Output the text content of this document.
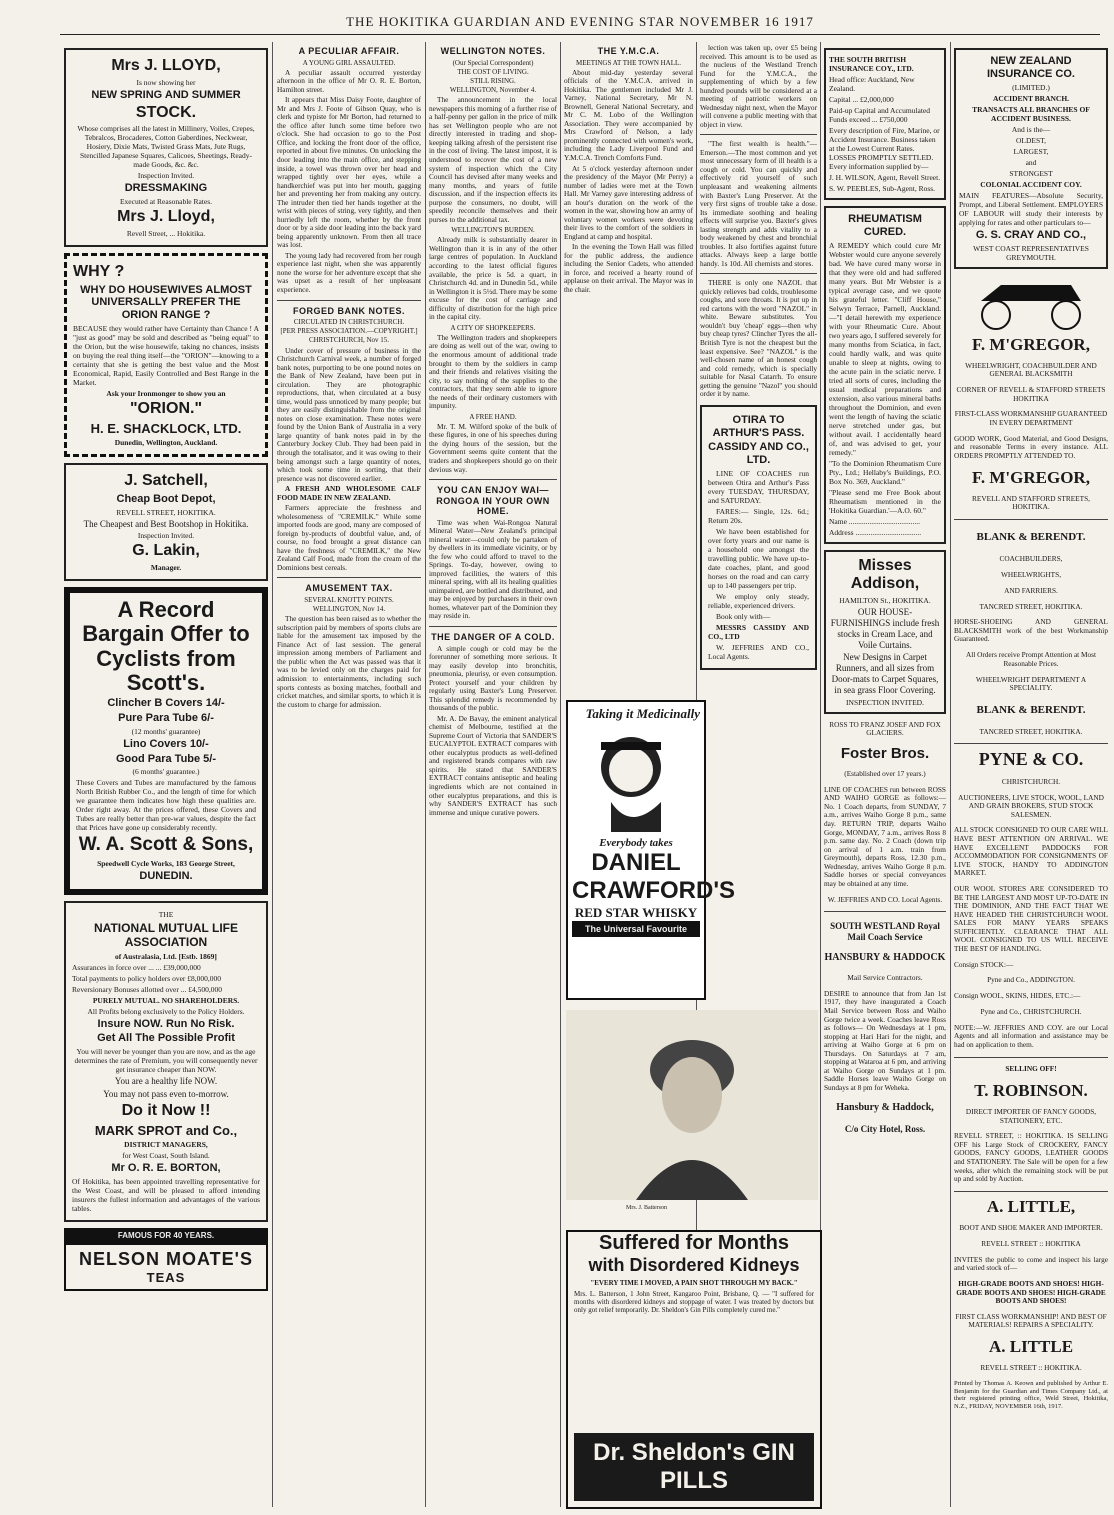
THE HOKITIKA GUARDIAN AND EVENING STAR NOVEMBER 16 1917
Mrs J. LLOYD,

Is now showing her

NEW SPRING AND SUMMER
STOCK.

Whose comprises all the latest in Millinery, Voiles, Crepes, Tebralcos, Brocaderes, Cotton Gaberdines, Neckwear, Hosiery, Dixie Mats, Twisted Grass Mats, Jute Rugs, Stencilled Japanese Squares, Calicoes, Sheetings, Ready-made Goods, &c. &c.

Inspection Invited.

DRESSMAKING

Executed at Reasonable Rates.

Mrs J. Lloyd,

Revell Street, ... Hokitika.

WHY ?
WHY DO HOUSEWIVES ALMOST UNIVERSALLY PREFER THE ORION RANGE ?

BECAUSE they would rather have Certainty than Chance ! A "just as good" may be sold and described as "being equal" to the Orion, but the wise housewife, taking no chances, insists on buying the real thing itself—the "ORION"—knowing to a certainty that she is getting the best value and the Most Economical, Rapid, Easily Controlled and Best Range in the Market.

Ask your Ironmonger to show you an

"ORION."
H. E. SHACKLOCK, LTD.

Dunedin, Wellington, Auckland.

J. Satchell,
Cheap Boot Depot,

REVELL STREET, HOKITIKA.

The Cheapest and Best Bootshop in Hokitika.

Inspection Invited.

G. Lakin,

Manager.

A Record Bargain Offer to Cyclists from Scott's.
Clincher B Covers 14/-
Pure Para Tube 6/-

(12 months' guarantee)

Lino Covers 10/-
Good Para Tube 5/-

(6 months' guarantee.)

These Covers and Tubes are manufactured by the famous North British Rubber Co., and the length of time for which we guarantee them indicates how high these qualities are. Order right away. At the prices offered, these Covers and Tubes are really better than pre-war values, despite the fact that Prices have gone up considerably recently.

W. A. Scott & Sons,

Speedwell Cycle Works, 183 George Street,

DUNEDIN.

THE

NATIONAL MUTUAL LIFE ASSOCIATION

of Australasia, Ltd. [Estb. 1869]

Assurances in force over ... ... £39,000,000

Total payments to policy holders over £8,000,000

Reversionary Bonuses allotted over ... £4,500,000

PURELY MUTUAL. NO SHAREHOLDERS.

All Profits belong exclusively to the Policy Holders.

Insure NOW. Run No Risk.
Get All The Possible Profit

You will never be younger than you are now, and as the age determines the rate of Premium, you will consequently never get insurance cheaper than NOW.

You are a healthy life NOW.

You may not pass even to-morrow.

Do it Now !!
MARK SPROT and Co.,

DISTRICT MANAGERS,

for West Coast, South Island.

Mr O. R. E. BORTON,

Of Hokitika, has been appointed travelling representative for the West Coast, and will be pleased to afford intending insurers the fullest information and advantages of the various tables.

FAMOUS FOR 40 YEARS.
NELSON MOATE'S
TEAS
A PECULIAR AFFAIR.
A YOUNG GIRL ASSAULTED.

A peculiar assault occurred yesterday afternoon in the office of Mr O. R. E. Borton, Hamilton street.

It appears that Miss Daisy Foote, daughter of Mr and Mrs J. Foote of Gibson Quay, who is clerk and typiste for Mr Borton, had returned to the office after lunch some time before two o'clock. She had occasion to go to the Post Office, and locking the front door of the office, reported in about five minutes. On unlocking the door leading into the main office, and stepping inside, a towel was thrown over her head and wrapped tightly over her eyes, while a handkerchief was put into her mouth, gagging her and preventing her from making any outcry. The intruder then tied her hands together at the wrist with pieces of string, very tightly, and then hurriedly left the room, whether by the front door or by a side door leading into the back yard being apparently unknown. From then all trace was lost.

The young lady had recovered from her rough experience last night, when she was apparently none the worse for her adventure except that she was upset as a result of her unpleasant experience.

FORGED BANK NOTES.
CIRCULATED IN CHRISTCHURCH.
[PER PRESS ASSOCIATION.—COPYRIGHT.]
CHRISTCHURCH, Nov 15.

Under cover of pressure of business in the Christchurch Carnival week, a number of forged bank notes, purporting to be one pound notes on the Bank of New Zealand, have been put in circulation. They are photographic reproductions, that, when circulated at a busy time, would pass unnoticed by many people; but they are easily distinguishable from the original notes on close examination. These notes were found by the Union Bank of Australia in a very large quantity of bank notes paid in by the Canterbury Jockey Club. They had been paid in through the totalisator, and it was owing to their being amongst such a large quantity of notes, which took some time in sorting, that their presence was not discovered earlier.

A FRESH AND WHOLESOME CALF FOOD MADE IN NEW ZEALAND.

Farmers appreciate the freshness and wholesomeness of "CREMILK." While some imported foods are good, many are composed of foreign by-products of doubtful value, and, of course, no food brought a great distance can have the freshness of "CREMILK," the New Zealand Calf Food, made from the cream of the Dominions best cereals.

AMUSEMENT TAX.
SEVERAL KNOTTY POINTS.
WELLINGTON, Nov 14.

The question has been raised as to whether the subscription paid by members of sports clubs are liable for the amusement tax imposed by the Finance Act of last session. The general impression among members of Parliament and the public when the Act was passed was that it was to be levied only on the charges paid for admission to entertainments, including such sports contests as boxing matches, football and cricket matches, and similar sports, to which it is the custom to charge for admission.

WELLINGTON NOTES.
(Our Special Correspondent)
THE COST OF LIVING.
STILL RISING.
WELLINGTON, November 4.

The announcement in the local newspapers this morning of a further rise of a half-penny per gallon in the price of milk has set Wellington people who are not directly interested in trading and shop-keeping talking afresh of the persistent rise in the cost of living. The latest impost, it is understood to recover the cost of a new system of inspection which the City Council has devised after many weeks and many months, and years of futile discussion, and if the inspection effects its purpose the consumers, no doubt, will speedily reconcile themselves and their purses to the additional tax.

WELLINGTON'S BURDEN.

Already milk is substantially dearer in Wellington than it is in any of the other large centres of population. In Auckland according to the latest official figures available, the price is 5d. a quart, in Christchurch 4d. and in Dunedin 5d., while in Wellington it is 5½d. There may be some excuse for the cost of carriage and difficulty of distribution for the high price in the capital city.

A CITY OF SHOPKEEPERS.

The Wellington traders and shopkeepers are doing as well out of the war, owing to the enormous amount of additional trade brought to them by the soldiers in camp and their friends and relatives visiting the city, to say nothing of the supplies to the contractors, that they seem able to ignore the needs of their ordinary customers with impunity.

A FREE HAND.

Mr. T. M. Wilford spoke of the bulk of these figures, in one of his speeches during the dying hours of the session, but the Government seems quite content that the traders and shopkeepers should go on their devious way.

YOU CAN ENJOY WAI—RONGOA IN YOUR OWN HOME.

Time was when Wai-Rongoa Natural Mineral Water—New Zealand's principal mineral water—could only be partaken of by dwellers in its immediate vicinity, or by the few who could afford to travel to the Springs. To-day, however, owing to improved facilities, the waters of this mineral spring, with all its healing qualities unimpaired, are bottled and distributed, and may be enjoyed by purchasers in their own homes, whatever part of the Dominion they may reside in.

THE DANGER OF A COLD.

A simple cough or cold may be the forerunner of something more serious. It may easily develop into bronchitis, pneumonia, pleurisy, or even consumption. Protect yourself and your children by regularly using Baxter's Lung Preserver. This splendid remedy is recommended by thousands of the public.

Mr. A. De Bavay, the eminent analytical chemist of Melbourne, testified at the Supreme Court of Victoria that SANDER'S EUCALYPTOL EXTRACT compares with other eucalyptus products as well-defined and registered brands compares with raw spirits. He stated that SANDER'S EXTRACT contains antiseptic and healing ingredients which are not contained in other eucalyptus preparations, and this is why SANDER'S EXTRACT has such immense and unique curative powers.

THE Y.M.C.A.
MEETINGS AT THE TOWN HALL.

About mid-day yesterday several officials of the Y.M.C.A. arrived in Hokitika. The gentlemen included Mr J. Varney, National Secretary, Mr N. Brownell, General National Secretary, and Mr C. M. Lobo of the Wellington Association. They were accompanied by Mrs Crawford of Nelson, a lady prominently connected with women's work, including the Lady Liverpool Fund and Y.M.C.A. Trench Comforts Fund.

At 5 o'clock yesterday afternoon under the presidency of the Mayor (Mr Perry) a number of ladies were met at the Town Hall. Mr Varney gave interesting address of an hour's duration on the work of the women in the war, showing how an army of voluntary women workers were devoting their lives to the comfort of the soldiers in England at camp and hospital.

In the evening the Town Hall was filled for the public address, the audience including the Senior Cadets, who attended in force, and received a hearty round of applause on their arrival. The Mayor was in the chair.

lection was taken up, over £5 being received. This amount is to be used as the nucleus of the Westland Trench Fund for the Y.M.C.A., the supplementing of which by a few hundred pounds will be considered at a meeting of patriotic workers on Wednesday night next, when the Mayor will convene a public meeting with that object in view.

"The first wealth is health."—Emerson.—The most common and yet most unnecessary form of ill health is a cough or cold. You can quickly and effectively rid yourself of such unpleasant and weakening ailments with Baxter's Lung Preserver. At the very first signs of trouble take a dose. Its immediate soothing and healing effects will surprise you. Baxter's gives lasting strength and adds vitality to a body weakened by chest and bronchial troubles. It also fortifies against future attacks. Always keep a large bottle handy. 1s 10d. All chemists and stores.

THERE is only one NAZOL that quickly relieves bad colds, troublesome coughs, and sore throats. It is put up in red cartons with the word "NAZOL" in white. Beware substitutes. You wouldn't buy 'cheap' eggs—then why buy cheap tyres? Clincher Tyres the all-British Tyre is not the cheapest but the least expensive. See? "NAZOL" is the well-chosen name of an honest cough and cold remedy, which is specially suitable for Nasal Catarrh. To ensure getting the genuine "Nazol" you should order it by name.

OTIRA TO ARTHUR'S PASS.
CASSIDY AND CO., LTD.

LINE OF COACHES run between Otira and Arthur's Pass every TUESDAY, THURSDAY, and SATURDAY.

FARES:— Single, 12s. 6d.; Return 20s.

We have been established for over forty years and our name is a household one amongst the travelling public. We have up-to-date coaches, plant, and good horses on the road and can carry up to 140 passengers per trip.

We employ only steady, reliable, experienced drivers.

Book only with—

MESSRS CASSIDY AND CO., LTD

W. JEFFRIES AND CO., Local Agents.

Taking it Medicinally
Everybody takes
DANIEL CRAWFORD'S
RED STAR WHISKY
The Universal Favourite
Suffered for Months
with Disordered Kidneys
"EVERY TIME I MOVED, A PAIN SHOT THROUGH MY BACK."
Mrs. L. Batterson, 1 John Street, Kangaroo Point, Brisbane, Q. — "I suffered for months with disordered kidneys and stoppage of water. I was treated by doctors but only got relief temporarily. Dr. Sheldon's Gin Pills completely cured me."
Dr. Sheldon's GIN PILLS
Mrs. J. Batterson

THE SOUTH BRITISH INSURANCE COY., LTD.

Head office: Auckland, New Zealand.

Capital ... £2,000,000

Paid-up Capital and Accumulated Funds exceed ... £750,000

Every description of Fire, Marine, or Accident Insurance. Business taken at the Lowest Current Rates. LOSSES PROMPTLY SETTLED. Every information supplied by—

J. H. WILSON, Agent, Revell Street.

S. W. PEEBLES, Sub-Agent, Ross.

RHEUMATISM CURED.

A REMEDY which could cure Mr Webster would cure anyone severely bad. We have cured many worse in that they were old and had suffered many years. But Mr Webster is a typical average case, and we quote his grateful letter. "Cliff House," Selwyn Terrace, Parnell, Auckland.—"I detail herewith my experience with your Rheumatic Cure. About two years ago, I suffered severely for many months from Sciatica, in fact, could hardly walk, and was quite unable to sleep at nights, owing to the acute pain in the sciatic nerve. I tried all sorts of cures, including the usual medical preparations and extension, also various mineral baths throughout the Dominion, and even went the length of having the sciatic nerve stretched under gas, but without avail. I accidentally heard of, and was advised to get, your remedy."

"To the Dominion Rheumatism Cure Pty., Ltd.; Hellaby's Buildings, P.O. Box No. 369, Auckland."

"Please send me Free Book about Rheumatism mentioned in the 'Hokitika Guardian.'—A.O. 60."

Name ......................................

Address ...................................

Misses Addison,

HAMILTON St., HOKITIKA.

OUR HOUSE-FURNISHINGS include fresh stocks in Cream Lace, and Voile Curtains.

New Designs in Carpet Runners, and all sizes from Door-mats to Carpet Squares, in sea grass Floor Covering.

INSPECTION INVITED.

ROSS TO FRANZ JOSEF AND FOX GLACIERS.

Foster Bros.

(Established over 17 years.)

LINE OF COACHES run between ROSS AND WAIHO GORGE as follows:— No. 1 Coach departs, from SUNDAY, 7 a.m., arrives Waiho Gorge 8 p.m., same day. RETURN TRIP, departs Waiho Gorge, MONDAY, 7 a.m., arrives Ross 8 p.m. same day. No. 2 Coach (down trip on arrival of 1 a.m. train from Greymouth), departs Ross, 12.30 p.m., Wednesday, arrives Waiho Gorge 8 p.m. Saddle horses or special conveyances may be obtained at any time.

W. JEFFRIES AND CO. Local Agents.

SOUTH WESTLAND Royal Mail Coach Service

HANSBURY & HADDOCK

Mail Service Contractors.

DESIRE to announce that from Jan 1st 1917, they have inaugurated a Coach Mail Service between Ross and Waiho Gorge twice a week. Coaches leave Ross as follows— On Wednesdays at 1 pm, stopping at Hari Hari for the night, and arriving at Waiho Gorge at 6 pm on Thursdays. On Saturdays at 7 am, stopping at Wataroa at 6 pm, and arriving at Waiho Gorge on Sundays at 1 pm. Saddle Horses leave Waiho Gorge on Sundays at 8 pm for Weheka.

Hansbury & Haddock,

C/o City Hotel, Ross.

NEW ZEALAND INSURANCE CO.

(LIMITED.)

ACCIDENT BRANCH.

TRANSACTS ALL BRANCHES OF ACCIDENT BUSINESS.

And is the—

OLDEST,

LARGEST,

and

STRONGEST

COLONIAL ACCIDENT COY.

MAIN FEATURES—Absolute Security, Prompt, and Liberal Settlement. EMPLOYERS OF LABOUR will study their interests by applying for rates and other particulars to—

G. S. CRAY AND CO.,

WEST COAST REPRESENTATIVES GREYMOUTH.

F. M'GREGOR,

WHEELWRIGHT, COACHBUILDER AND GENERAL BLACKSMITH

CORNER OF REVELL & STAFFORD STREETS HOKITIKA

FIRST-CLASS WORKMANSHIP GUARANTEED IN EVERY DEPARTMENT

GOOD WORK, Good Material, and Good Designs, and reasonable Terms in every instance. ALL ORDERS PROMPTLY ATTENDED TO.

F. M'GREGOR,

REVELL AND STAFFORD STREETS, HOKITIKA.

BLANK & BERENDT.

COACHBUILDERS,

WHEELWRIGHTS,

AND FARRIERS.

TANCRED STREET, HOKITIKA.

HORSE-SHOEING AND GENERAL BLACKSMITH work of the best Workmanship Guaranteed.

All Orders receive Prompt Attention at Most Reasonable Prices.

WHEELWRIGHT DEPARTMENT A SPECIALITY.

BLANK & BERENDT.

TANCRED STREET, HOKITIKA.

PYNE & CO.

CHRISTCHURCH.

AUCTIONEERS, LIVE STOCK, WOOL, LAND AND GRAIN BROKERS, STUD STOCK SALESMEN.

ALL STOCK CONSIGNED TO OUR CARE WILL HAVE BEST ATTENTION ON ARRIVAL. WE HAVE EXCELLENT PADDOCKS FOR ACCOMMODATION FOR CONSIGNMENTS OF LIVE STOCK, HANDY TO ADDINGTON MARKET.

OUR WOOL STORES ARE CONSIDERED TO BE THE LARGEST AND MOST UP-TO-DATE IN THE DOMINION, AND THE FACT THAT WE HAVE HEADED THE CHRISTCHURCH WOOL SALES FOR MANY YEARS SPEAKS SUFFICIENTLY. CLEARANCE THAT ALL WOOL CONSIGNED TO US WILL RECEIVE THE BEST OF HANDLING.

Consign STOCK:—

Pyne and Co., ADDINGTON.

Consign WOOL, SKINS, HIDES, ETC.:—

Pyne and Co., CHRISTCHURCH.

NOTE:—W. JEFFRIES AND COY. are our Local Agents and all information and assistance may be had on application to them.

SELLING OFF!

T. ROBINSON.

DIRECT IMPORTER OF FANCY GOODS, STATIONERY, ETC.

REVELL STREET, :: HOKITIKA. IS SELLING OFF his Large Stock of CROCKERY, FANCY GOODS, FANCY GOODS, LEATHER GOODS and STATIONERY. The Sale will be open for a few weeks, after which the remaining stock will be put up and sold by Auction.

A. LITTLE,

BOOT AND SHOE MAKER AND IMPORTER.

REVELL STREET :: HOKITIKA

INVITES the public to come and inspect his large and varied stock of—

HIGH-GRADE BOOTS AND SHOES! HIGH-GRADE BOOTS AND SHOES! HIGH-GRADE BOOTS AND SHOES!

FIRST CLASS WORKMANSHIP! AND BEST OF MATERIALS! REPAIRS A SPECIALITY.

A. LITTLE

REVELL STREET :: HOKITIKA.

Printed by Thomas A. Keown and published by Arthur E. Benjamin for the Guardian and Times Company Ltd., at their registered printing office, Weld Street, Hokitika, N.Z., FRIDAY, NOVEMBER 16th, 1917.
